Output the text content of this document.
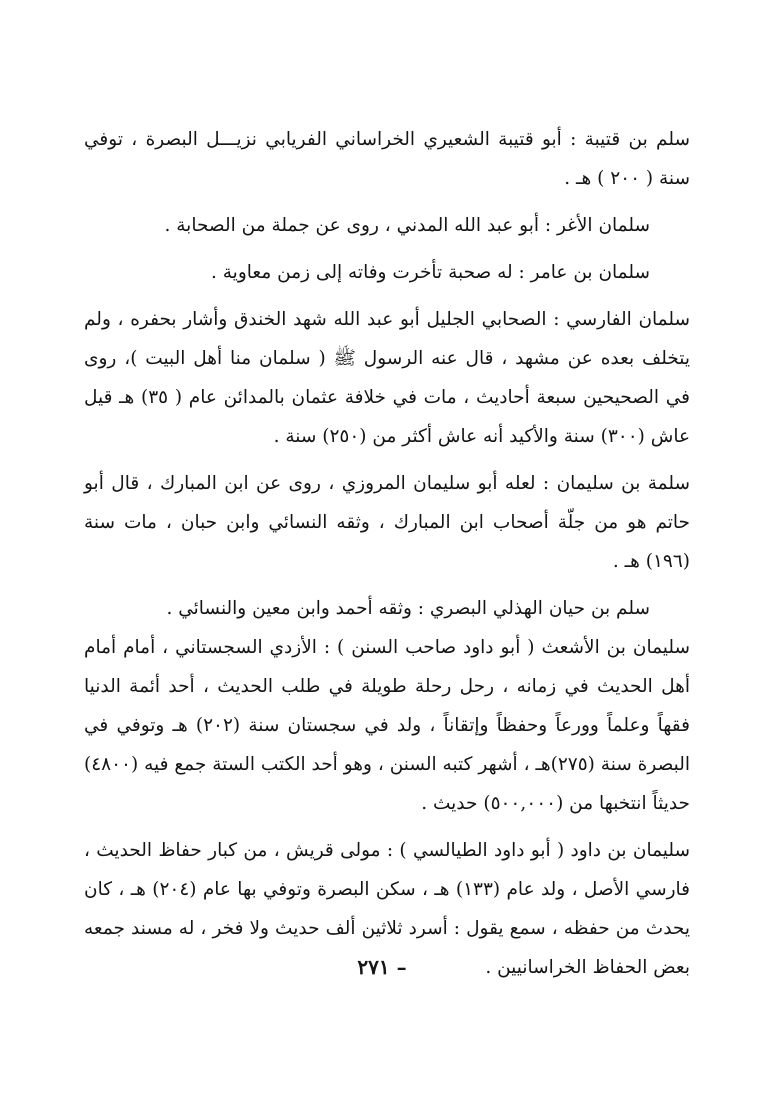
سلم بن قتيبة : أبو قتيبة الشعيري الخراساني الفريابي نزيـــل البصرة ، توفي سنة ( ٢٠٠ ) هـ .

سلمان الأغر : أبو عبد الله المدني ، روى عن جملة من الصحابة .

سلمان بن عامر : له صحبة تأخرت وفاته إلى زمن معاوية .

سلمان الفارسي : الصحابي الجليل أبو عبد الله شهد الخندق وأشار بحفره ، ولم يتخلف بعده عن مشهد ، قال عنه الرسول ﷺ ( سلمان منا أهل البيت )، روى في الصحيحين سبعة أحاديث ، مات في خلافة عثمان بالمدائن عام ( ٣٥) هـ قيل عاش (٣٠٠) سنة والأكيد أنه عاش أكثر من (٢٥٠) سنة .

سلمة بن سليمان : لعله أبو سليمان المروزي ، روى عن ابن المبارك ، قال أبو حاتم هو من جلّة أصحاب ابن المبارك ، وثقه النسائي وابن حبان ، مات سنة (١٩٦) هـ .

سلم بن حيان الهذلي البصري : وثقه أحمد وابن معين والنسائي .

سليمان بن الأشعث ( أبو داود صاحب السنن ) : الأزدي السجستاني ، أمام أمام أهل الحديث في زمانه ، رحل رحلة طويلة في طلب الحديث ، أحد أئمة الدنيا فقهاً وعلماً وورعاً وحفظاً وإتقاناً ، ولد في سجستان سنة (٢٠٢) هـ وتوفي في البصرة سنة (٢٧٥)هـ ، أشهر كتبه السنن ، وهو أحد الكتب الستة جمع فيه (٤٨٠٠) حديثاً انتخبها من (٥٠٠,٠٠٠) حديث .

سليمان بن داود ( أبو داود الطيالسي ) : مولى قريش ، من كبار حفاظ الحديث ، فارسي الأصل ، ولد عام (١٣٣) هـ ، سكن البصرة وتوفي بها عام (٢٠٤) هـ ، كان يحدث من حفظه ، سمع يقول : أسرد ثلاثين ألف حديث ولا فخر ، له مسند جمعه بعض الحفاظ الخراسانيين .

– ٢٧١
